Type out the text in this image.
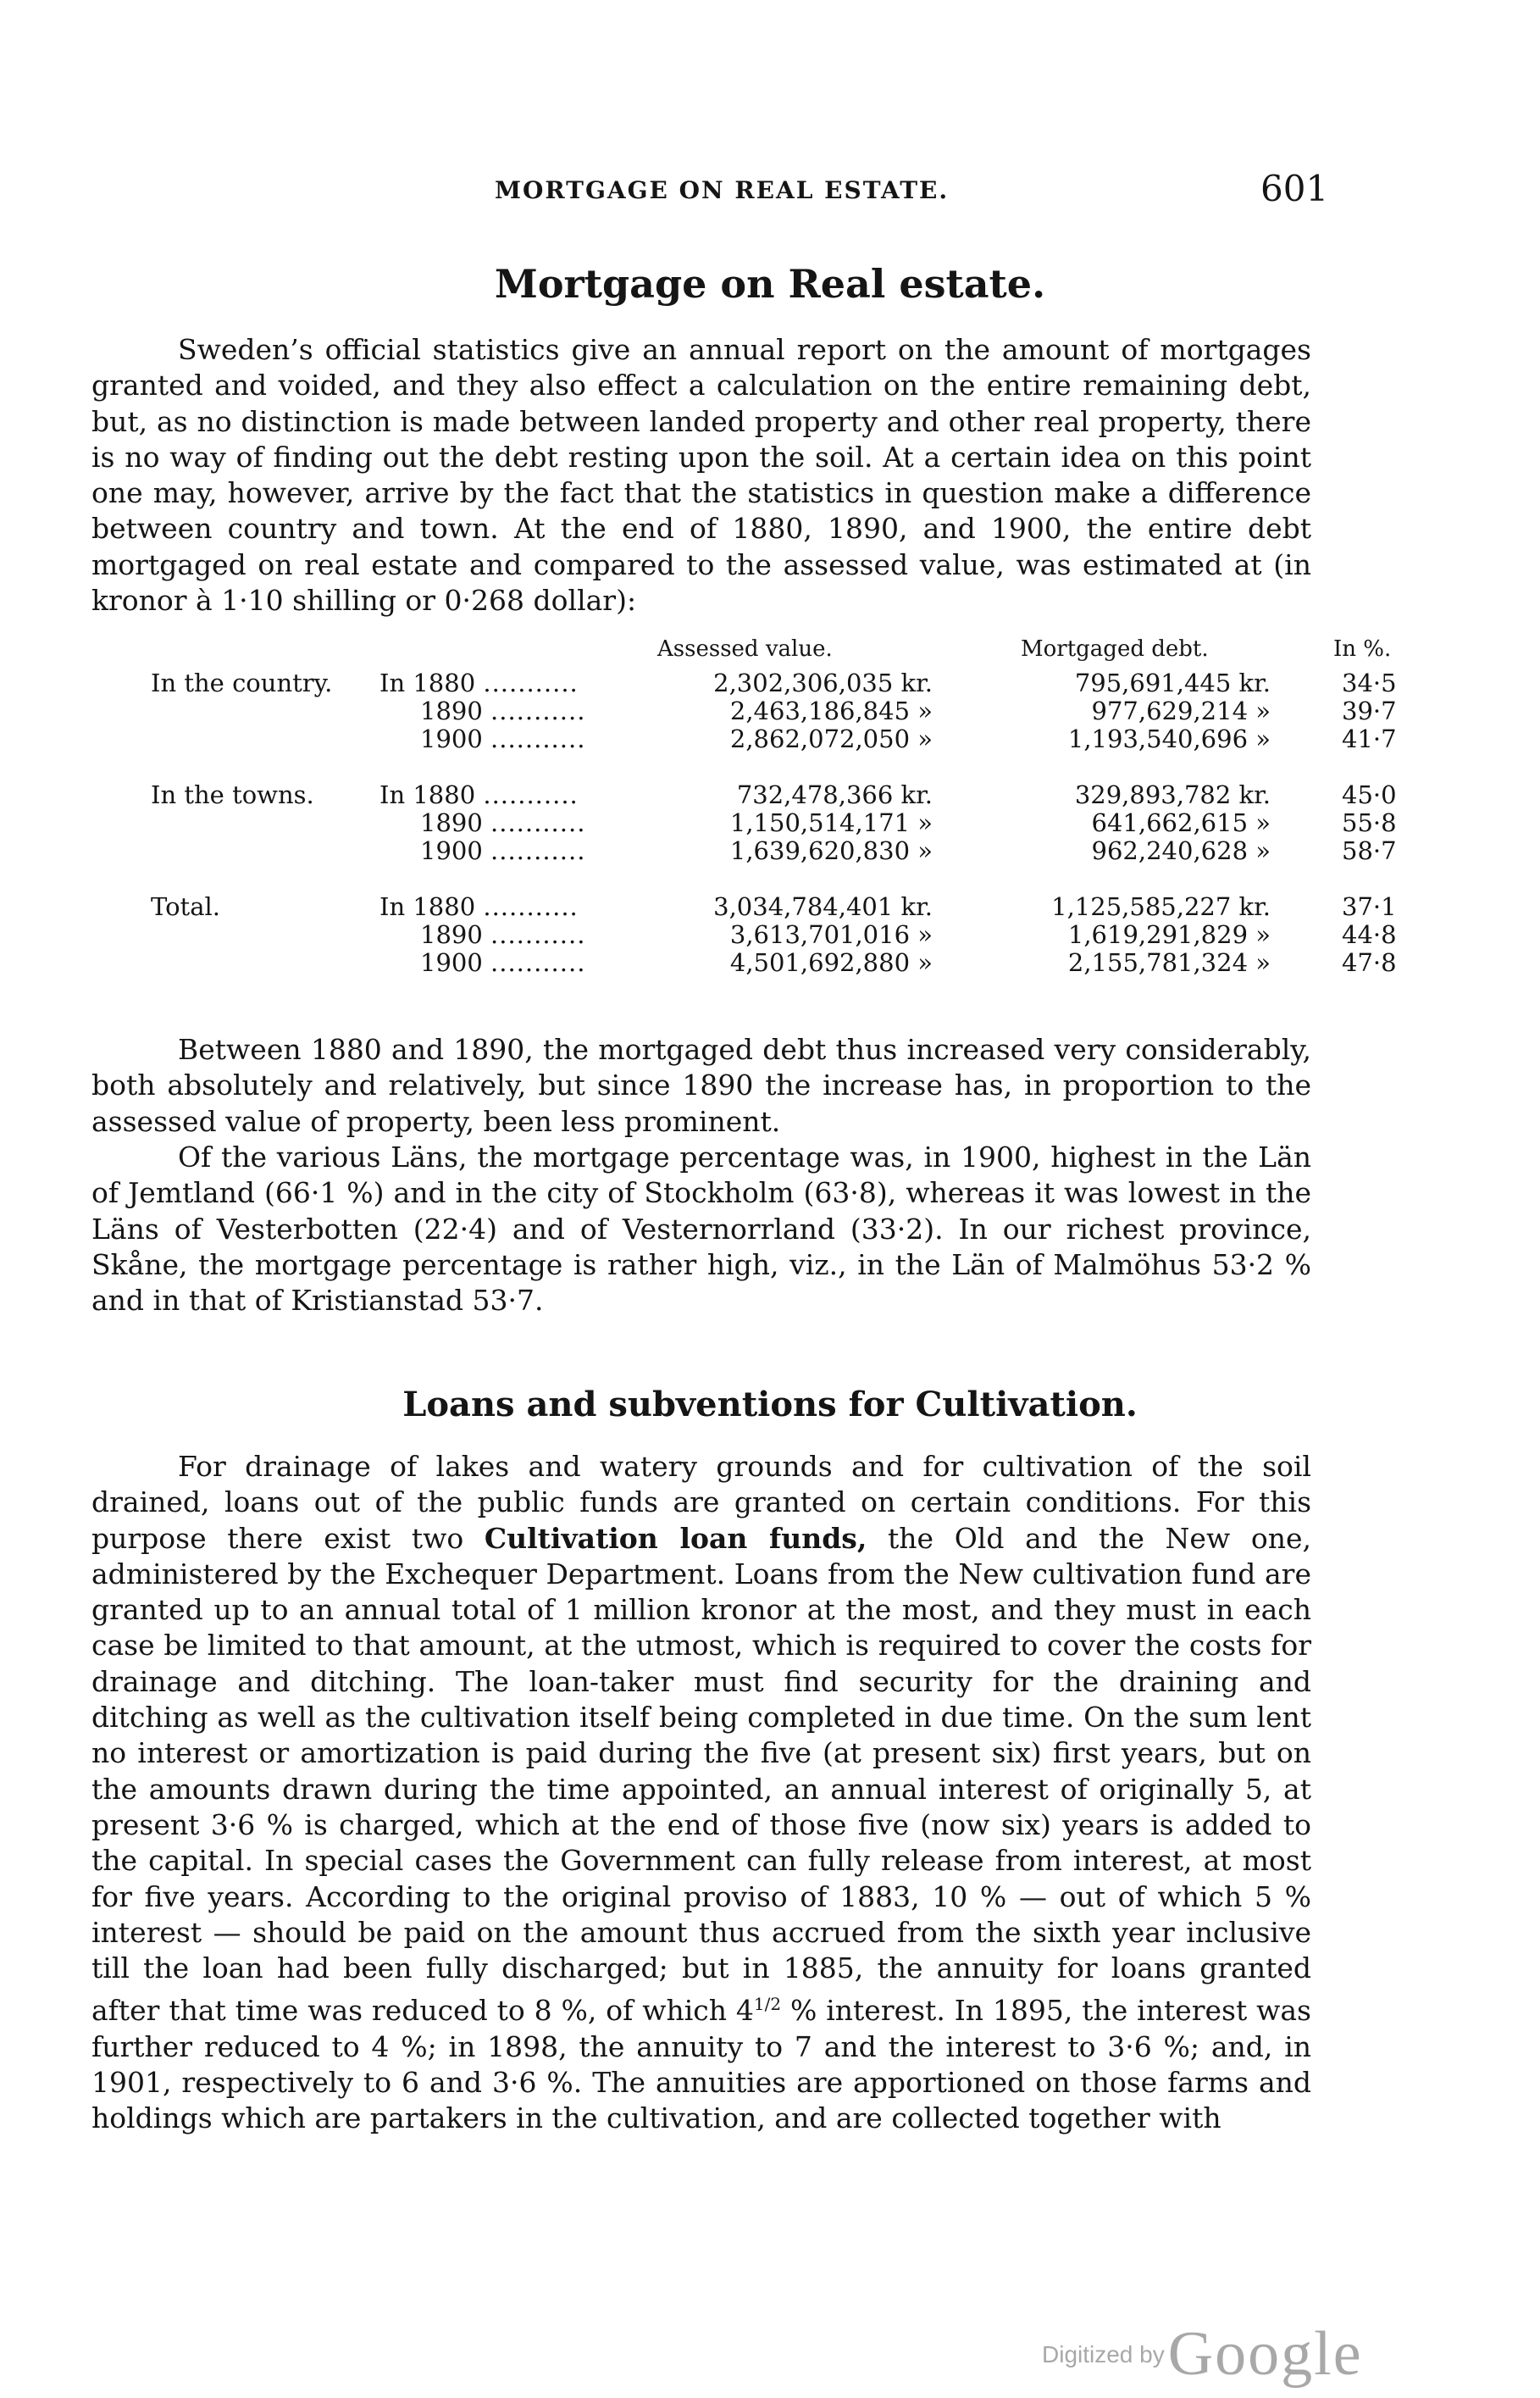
MORTGAGE ON REAL ESTATE.	601
Mortgage on Real estate.
Sweden’s official statistics give an annual report on the amount of mortgages granted and voided, and they also effect a calculation on the entire remaining debt, but, as no distinction is made between landed property and other real property, there is no way of finding out the debt resting upon the soil. At a certain idea on this point one may, however, arrive by the fact that the statistics in question make a difference between country and town. At the end of 1880, 1890, and 1900, the entire debt mortgaged on real estate and compared to the assessed value, was estimated at (in kronor à 1·10 shilling or 0·268 dollar):
		Assessed value.	Mortgaged debt.	In %.
In the country.	In 1880 ...........	2,302,306,035 kr.	795,691,445 kr.	34·5
	1890 ...........	2,463,186,845 »	977,629,214 »	39·7
	1900 ...........	2,862,072,050 »	1,193,540,696 »	41·7

In the towns.	In 1880 ...........	732,478,366 kr.	329,893,782 kr.	45·0
	1890 ...........	1,150,514,171 »	641,662,615 »	55·8
	1900 ...........	1,639,620,830 »	962,240,628 »	58·7

Total.	In 1880 ...........	3,034,784,401 kr.	1,125,585,227 kr.	37·1
	1890 ...........	3,613,701,016 »	1,619,291,829 »	44·8
	1900 ...........	4,501,692,880 »	2,155,781,324 »	47·8
Loans and subventions for Cultivation.
Between 1880 and 1890, the mortgaged debt thus increased very considerably, both absolutely and relatively, but since 1890 the increase has, in proportion to the assessed value of property, been less prominent.
Of the various Läns, the mortgage percentage was, in 1900, highest in the Län of Jemtland (66·1 %) and in the city of Stockholm (63·8), whereas it was lowest in the Läns of Vesterbotten (22·4) and of Vesternorrland (33·2). In our richest province, Skåne, the mortgage percentage is rather high, viz., in the Län of Malmöhus 53·2 % and in that of Kristianstad 53·7.
For drainage of lakes and watery grounds and for cultivation of the soil drained, loans out of the public funds are granted on certain conditions. For this purpose there exist two Cultivation loan funds, the Old and the New one, administered by the Exchequer Department. Loans from the New cultivation fund are granted up to an annual total of 1 million kronor at the most, and they must in each case be limited to that amount, at the utmost, which is required to cover the costs for drainage and ditching. The loan-taker must find security for the draining and ditching as well as the cultivation itself being completed in due time. On the sum lent no interest or amortization is paid during the five (at present six) first years, but on the amounts drawn during the time appointed, an annual interest of originally 5, at present 3·6 % is charged, which at the end of those five (now six) years is added to the capital. In special cases the Government can fully release from interest, at most for five years. According to the original proviso of 1883, 10 % — out of which 5 % interest — should be paid on the amount thus accrued from the sixth year inclusive till the loan had been fully discharged; but in 1885, the annuity for loans granted after that time was reduced to 8 %, of which $4^{1/2}$ % interest. In 1895, the interest was further reduced to 4 %; in 1898, the annuity to 7 and the interest to 3·6 %; and, in 1901, respectively to 6 and 3·6 %. The annuities are apportioned on those farms and holdings which are partakers in the cultivation, and are collected together with
Digitized by Google
